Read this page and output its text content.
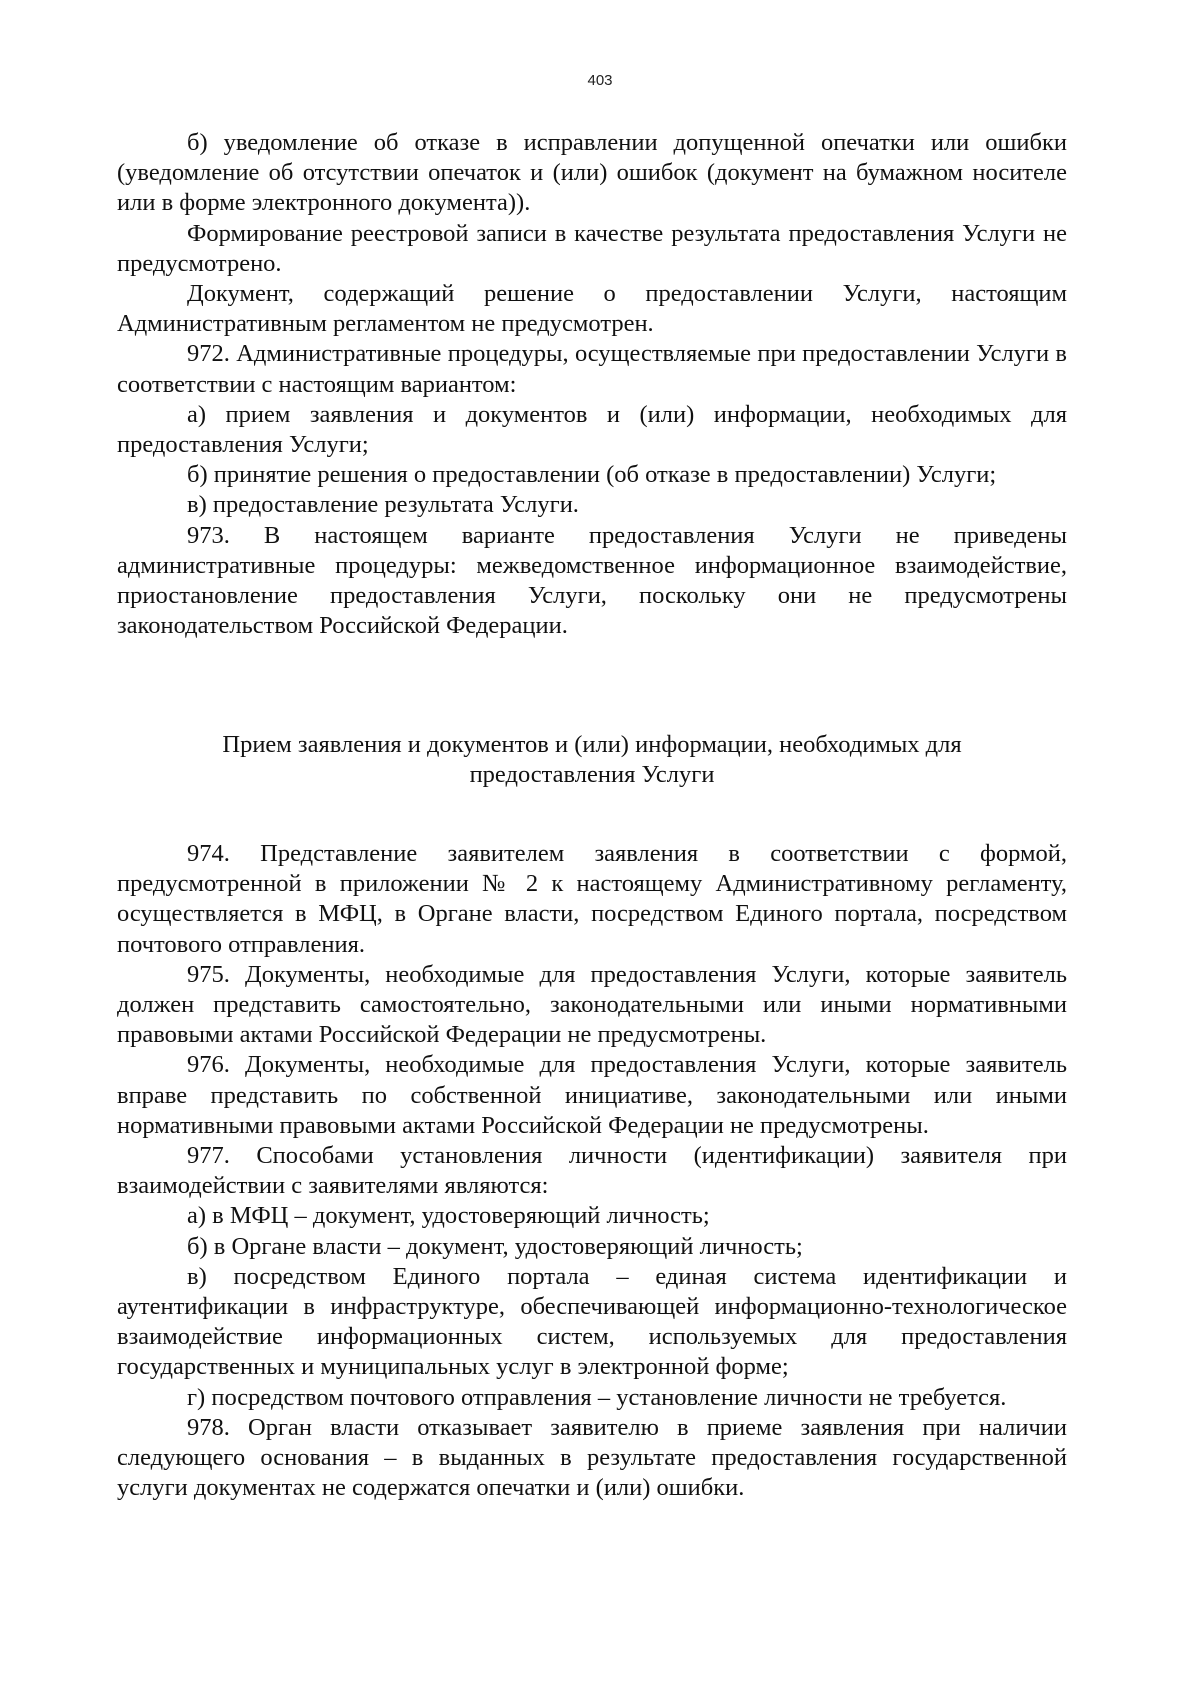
403

б) уведомление об отказе в исправлении допущенной опечатки или ошибки (уведомление об отсутствии опечаток и (или) ошибок (документ на бумажном носителе или в форме электронного документа)).

Формирование реестровой записи в качестве результата предоставления Услуги не предусмотрено.

Документ, содержащий решение о предоставлении Услуги, настоящим Административным регламентом не предусмотрен.

972. Административные процедуры, осуществляемые при предоставлении Услуги в соответствии с настоящим вариантом:

а) прием заявления и документов и (или) информации, необходимых для предоставления Услуги;

б) принятие решения о предоставлении (об отказе в предоставлении) Услуги;

в) предоставление результата Услуги.

973. В настоящем варианте предоставления Услуги не приведены административные процедуры: межведомственное информационное взаимодействие, приостановление предоставления Услуги, поскольку они не предусмотрены законодательством Российской Федерации.

Прием заявления и документов и (или) информации, необходимых для
предоставления Услуги

974. Представление заявителем заявления в соответствии с формой, предусмотренной в приложении № 2 к настоящему Административному регламенту, осуществляется в МФЦ, в Органе власти, посредством Единого портала, посредством почтового отправления.

975. Документы, необходимые для предоставления Услуги, которые заявитель должен представить самостоятельно, законодательными или иными нормативными правовыми актами Российской Федерации не предусмотрены.

976. Документы, необходимые для предоставления Услуги, которые заявитель вправе представить по собственной инициативе, законодательными или иными нормативными правовыми актами Российской Федерации не предусмотрены.

977. Способами установления личности (идентификации) заявителя при взаимодействии с заявителями являются:

а) в МФЦ – документ, удостоверяющий личность;

б) в Органе власти – документ, удостоверяющий личность;

в) посредством Единого портала – единая система идентификации и аутентификации в инфраструктуре, обеспечивающей информационно-технологическое взаимодействие информационных систем, используемых для предоставления государственных и муниципальных услуг в электронной форме;

г) посредством почтового отправления – установление личности не требуется.

978. Орган власти отказывает заявителю в приеме заявления при наличии следующего основания – в выданных в результате предоставления государственной услуги документах не содержатся опечатки и (или) ошибки.
